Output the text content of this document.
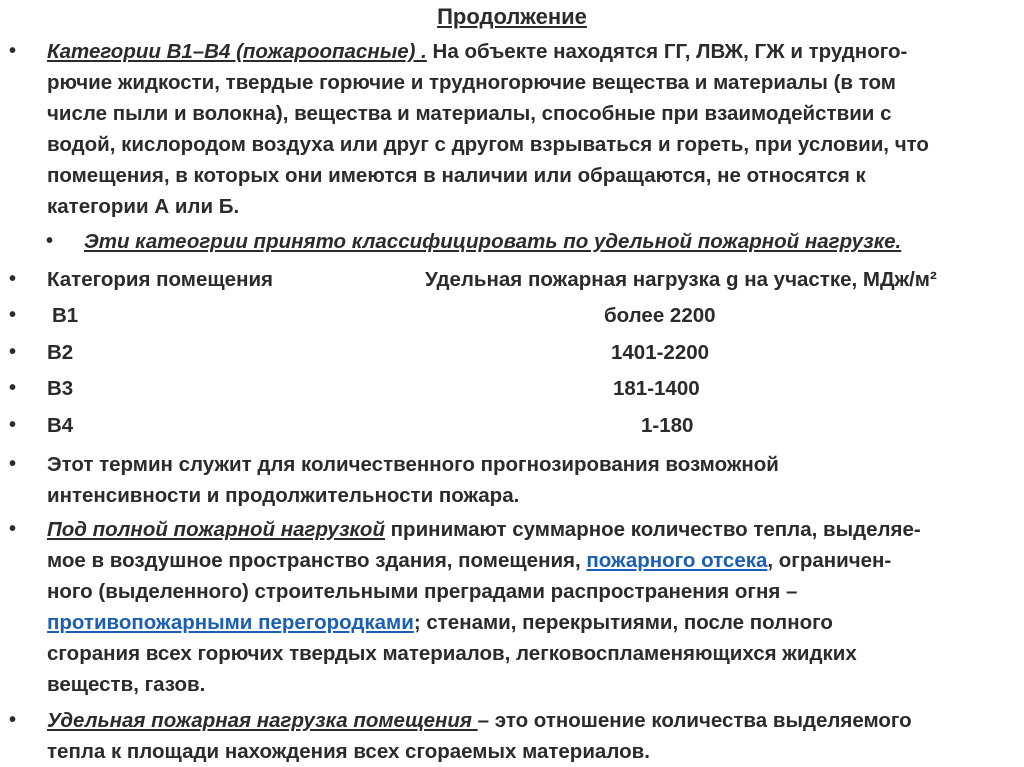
Продолжение
• Категории В1–В4 (пожароопасные) . На объекте находятся ГГ, ЛВЖ, ГЖ и трудного-
рючие жидкости, твердые горючие и трудногорючие вещества и материалы (в том
числе пыли и волокна), вещества и материалы, способные при взаимодействии с
водой, кислородом воздуха или друг с другом взрываться и гореть, при условии, что
помещения, в которых они имеются в наличии или обращаются, не относятся к
категории А или Б.
• Эти катеогрии принято классифицировать по удельной пожарной нагрузке.
• Категория помещения	Удельная пожарная нагрузка g на участке, МДж/м²
• В1	более 2200
• В2	1401-2200
• В3	181-1400
• В4	1-180
• Этот термин служит для количественного прогнозирования возможной
интенсивности и продолжительности пожара.
• Под полной пожарной нагрузкой принимают суммарное количество тепла, выделяе-
мое в воздушное пространство здания, помещения, пожарного отсека, ограничен-
ного (выделенного) строительными преградами распространения огня –
противопожарными перегородками; стенами, перекрытиями, после полного
сгорания всех горючих твердых материалов, легковоспламеняющихся жидких
веществ, газов.
• Удельная пожарная нагрузка помещения – это отношение количества выделяемого
тепла к площади нахождения всех сгораемых материалов.
